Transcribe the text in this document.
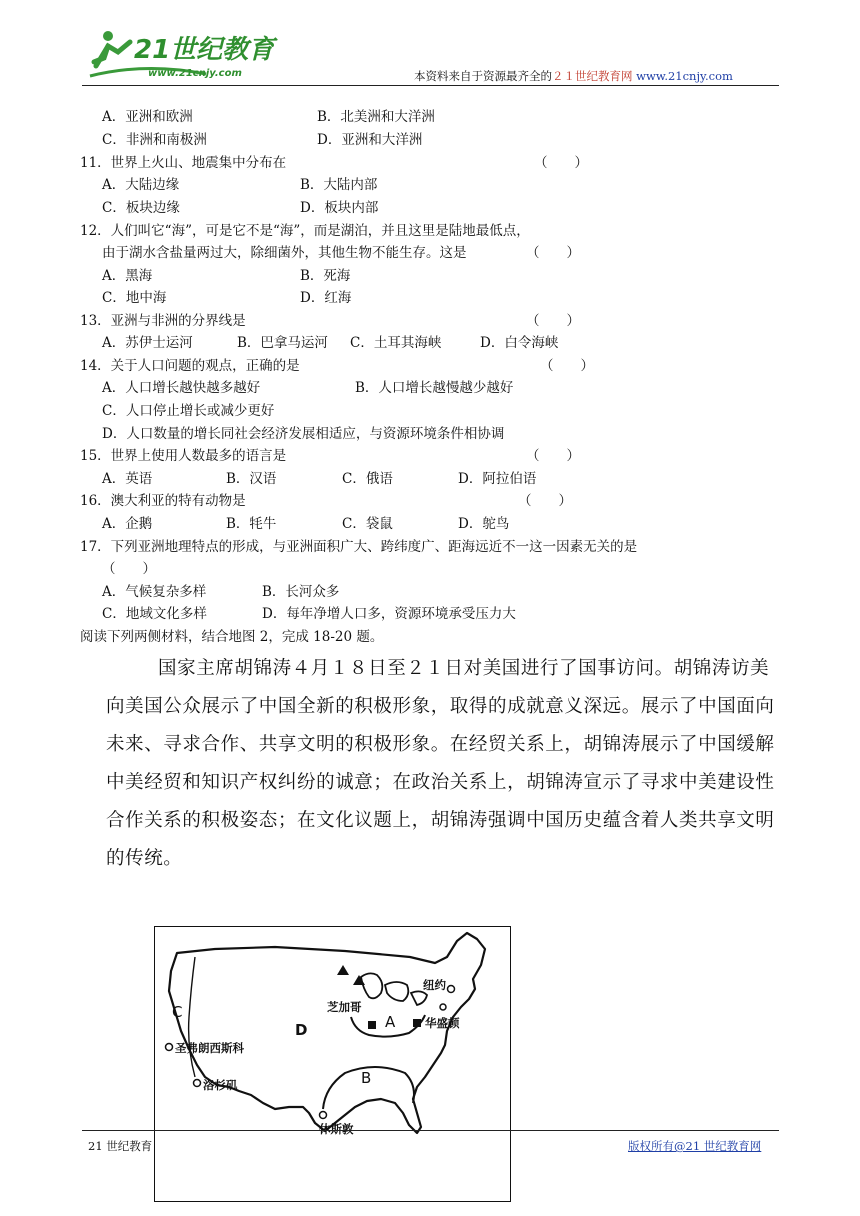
21世纪教育
www.21cnjy.com	本资料来自于资源最齐全的２１世纪教育网 www.21cnjy.com
A．亚洲和欧洲	B．北美洲和大洋洲
C．非洲和南极洲	D．亚洲和大洋洲
11．世界上火山、地震集中分布在	（　　）
A．大陆边缘	B．大陆内部
C．板块边缘	D．板块内部
12．人们叫它“海”，可是它不是“海”，而是湖泊，并且这里是陆地最低点，
由于湖水含盐量两过大，除细菌外，其他生物不能生存。这是	（　　）
A．黑海	B．死海
C．地中海	D．红海
13．亚洲与非洲的分界线是	（　　）
A．苏伊士运河	B．巴拿马运河 C．土耳其海峡	D．白令海峡
14．关于人口问题的观点，正确的是	（　　）
A．人口增长越快越多越好	B．人口增长越慢越少越好
C．人口停止增长或减少更好
D．人口数量的增长同社会经济发展相适应，与资源环境条件相协调
15．世界上使用人数最多的语言是	（　　）
A．英语	B．汉语	C．俄语	D．阿拉伯语
16．澳大利亚的特有动物是	（　　）
A．企鹅	B．牦牛	C．袋鼠	D．鸵鸟
17．下列亚洲地理特点的形成，与亚洲面积广大、跨纬度广、距海远近不一这一因素无关的是
（　　）
A．气候复杂多样	B．长河众多
C．地域文化多样	D．每年净增人口多，资源环境承受压力大
阅读下列两侧材料，结合地图 2，完成 18-20 题。

国家主席胡锦涛４月１８日至２１日对美国进行了国事访问。胡锦涛访美向美国公众展示了中国全新的积极形象，取得的成就意义深远。展示了中国面向未来、寻求合作、共享文明的积极形象。在经贸关系上，胡锦涛展示了中国缓解中美经贸和知识产权纠纷的诚意；在政治关系上，胡锦涛宣示了寻求中美建设性合作关系的积极姿态；在文化议题上，胡锦涛强调中国历史蕴含着人类共享文明的传统。

C
D	A
B
圣弗朗西斯科
洛杉矶
芝加哥
纽约
华盛顿
休斯敦
21 世纪教育	版权所有@21 世纪教育网
